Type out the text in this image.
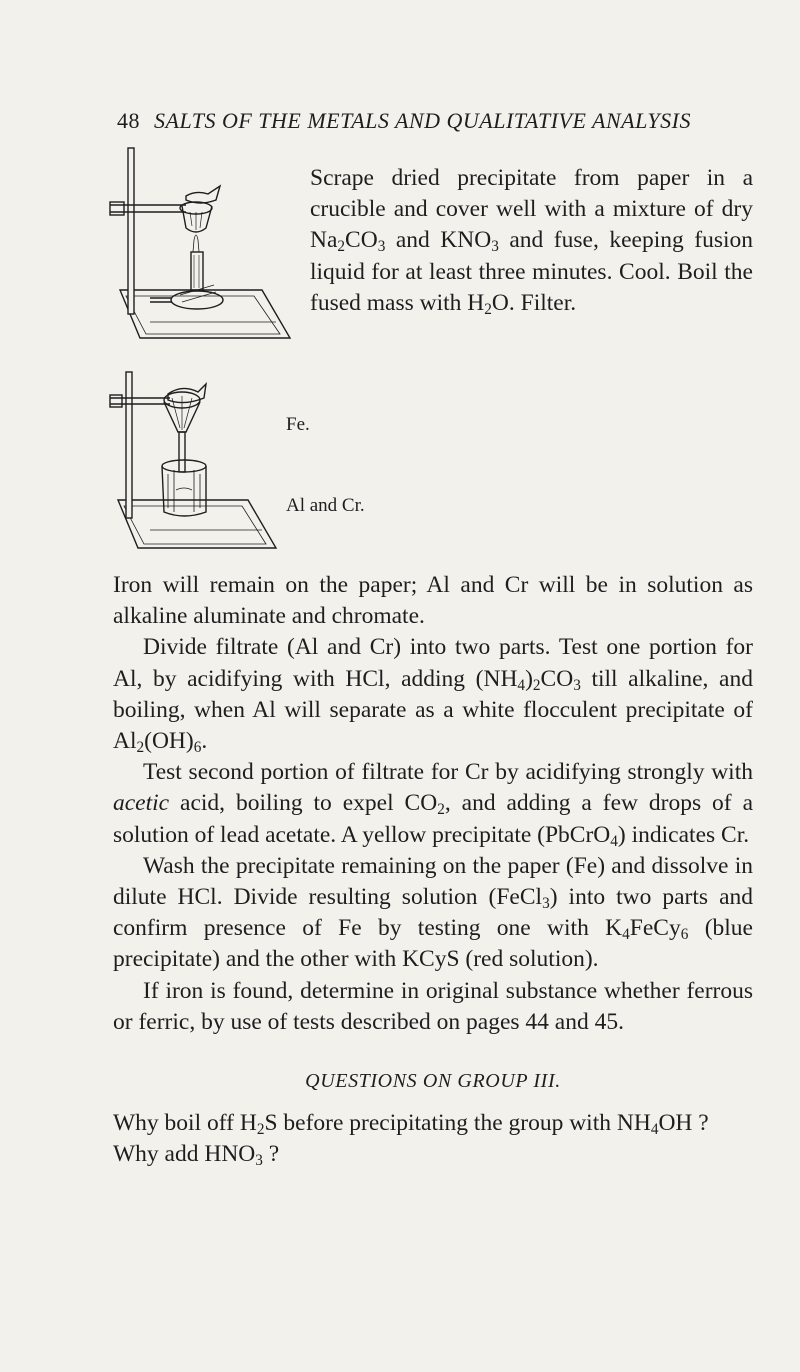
48 SALTS OF THE METALS AND QUALITATIVE ANALYSIS

Scrape dried precipitate from paper in a crucible and cover well with a mixture of dry $Na_2CO_3$ and $KNO_3$ and fuse, keeping fusion liquid for at least three minutes. Cool. Boil the fused mass with $H_2O$. Filter.

Fe.
Al and Cr.

Iron will remain on the paper; Al and Cr will be in solution as alkaline aluminate and chromate.

Divide filtrate (Al and Cr) into two parts. Test one portion for Al, by acidifying with HCl, adding $(NH_4)_2CO_3$ till alkaline, and boiling, when Al will separate as a white flocculent precipitate of $Al_2(OH)_6$.

Test second portion of filtrate for Cr by acidifying strongly with acetic acid, boiling to expel $CO_2$, and adding a few drops of a solution of lead acetate. A yellow precipitate (PbCrO$_4$) indicates Cr.

Wash the precipitate remaining on the paper (Fe) and dissolve in dilute HCl. Divide resulting solution (FeCl$_3$) into two parts and confirm presence of Fe by testing one with $K_4FeCy_6$ (blue precipitate) and the other with KCyS (red solution).

If iron is found, determine in original substance whether ferrous or ferric, by use of tests described on pages 44 and 45.

QUESTIONS ON GROUP III.

Why boil off $H_2S$ before precipitating the group with $NH_4OH$ ?

Why add $HNO_3$ ?
